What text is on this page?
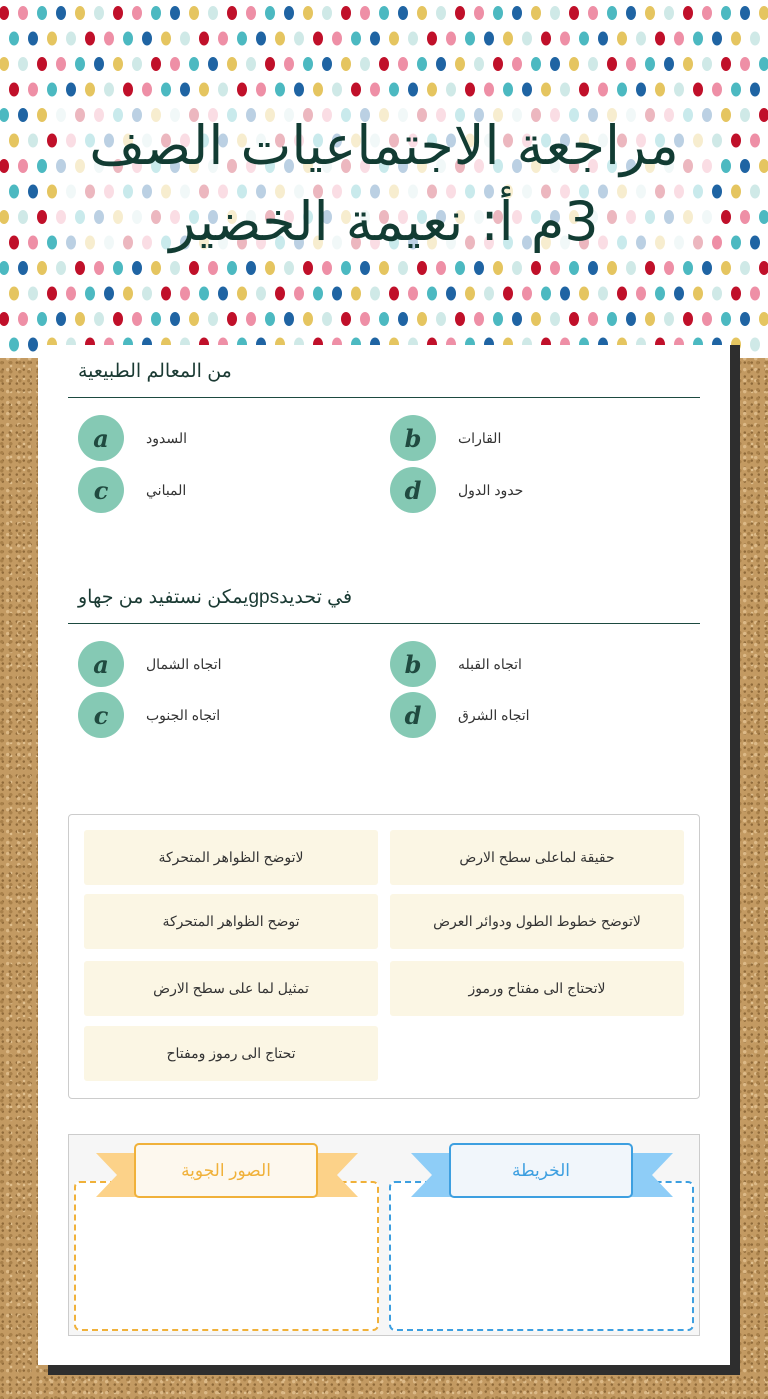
مراجعة الاجتماعيات الصف
3م أ: نعيمة الخضير
من المعالم الطبيعية
a	السدود	b	القارات
c	المباني	d	حدود الدول
يمكن نستفيد من جهاوgpsفي تحديد
a	اتجاه الشمال	b	اتجاه القبله
c	اتجاه الجنوب	d	اتجاه الشرق
لاتوضح الظواهر المتحركة	حقيقة لماعلى سطح الارض
توضح الظواهر المتحركة	لاتوضح خطوط الطول ودوائر العرض
تمثيل لما على سطح الارض	لاتحتاج الى مفتاح ورموز
تحتاج الى رموز ومفتاح
الصور الجوية	الخريطة
